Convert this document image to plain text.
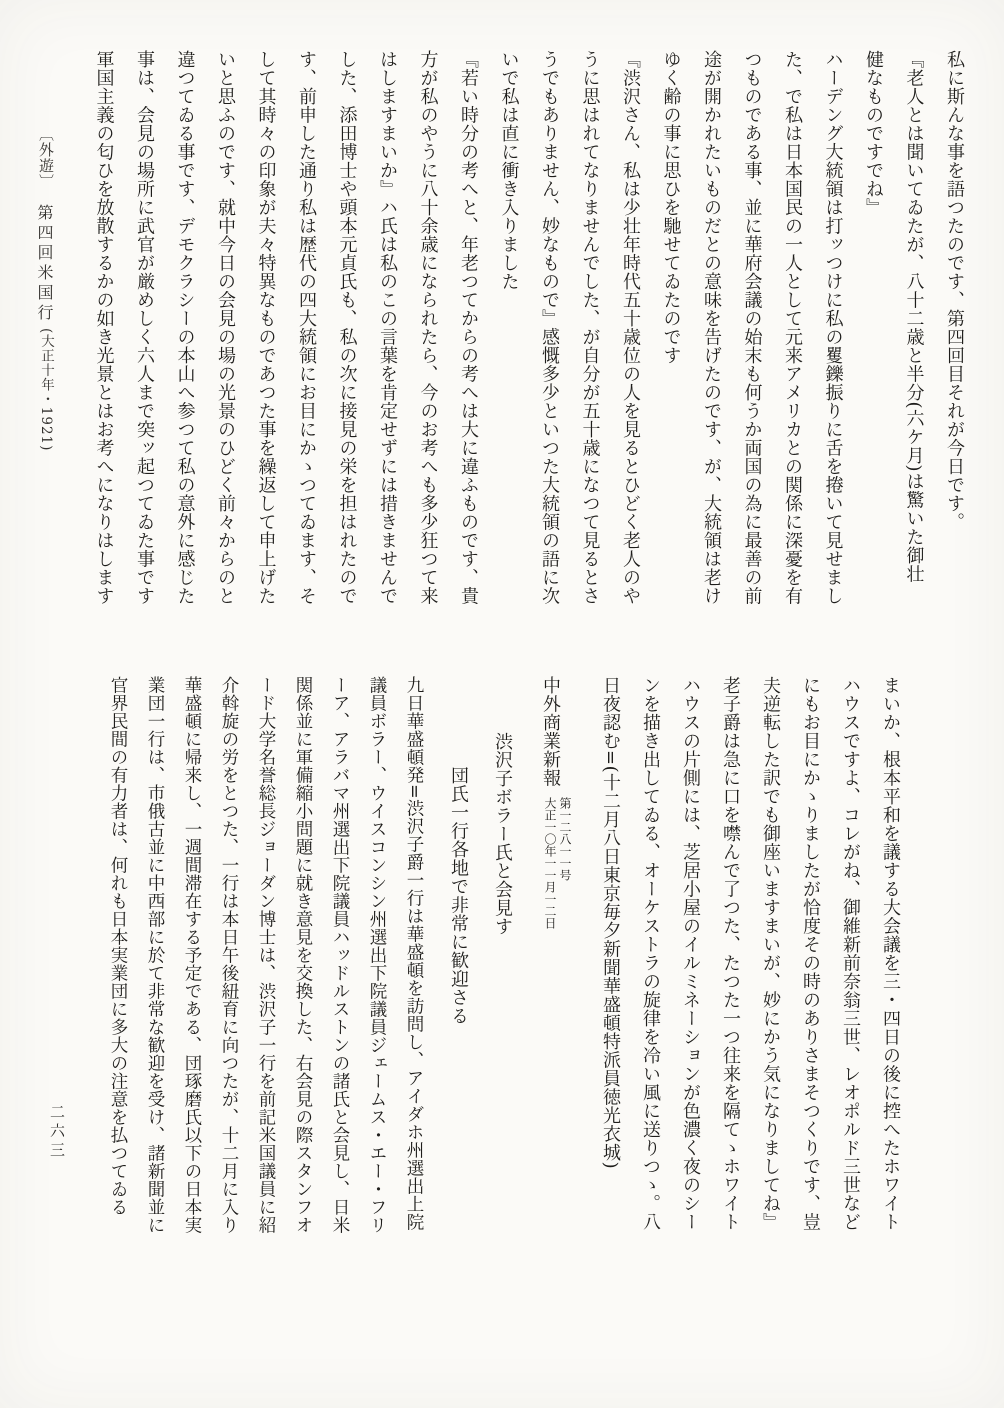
〔外遊〕
第四回米国行
(大正十年・1921)
二六三
私に斯んな事を語つたのです、第四回目それが今日です。
『老人とは聞いてゐたが、八十二歳と半分(六ケ月)は驚いた御壮
健なものですでね』
ハーデング大統領は打ッつけに私の矍鑠振りに舌を捲いて見せまし
た、で私は日本国民の一人として元来アメリカとの関係に深憂を有
つものである事、並に華府会議の始末も何うか両国の為に最善の前
途が開かれたいものだとの意味を告げたのです、が、大統領は老け
ゆく齢の事に思ひを馳せてゐたのです
『渋沢さん、私は少壮年時代五十歳位の人を見るとひどく老人のや
うに思はれてなりませんでした、が自分が五十歳になつて見るとさ
うでもありません、妙なもので』感慨多少といつた大統領の語に次
いで私は直に衝き入りました
『若い時分の考へと、年老つてからの考へは大に違ふものです、貴
方が私のやうに八十余歳になられたら、今のお考へも多少狂つて来
はしますまいか』ハ氏は私のこの言葉を肯定せずには措きませんで
した、添田博士や頭本元貞氏も、私の次に接見の栄を担はれたので
す、前申した通り私は歴代の四大統領にお目にかゝつてゐます、そ
して其時々の印象が夫々特異なものであつた事を繰返して申上げた
いと思ふのです、就中今日の会見の場の光景のひどく前々からのと
違つてゐる事です、デモクラシーの本山へ参つて私の意外に感じた
事は、会見の場所に武官が厳めしく六人まで突ッ起つてゐた事です
軍国主義の匂ひを放散するかの如き光景とはお考へになりはします
まいか、根本平和を議する大会議を三・四日の後に控へたホワイト
ハウスですよ、コレがね、御維新前奈翁三世、レオポルド三世など
にもお目にかゝりましたが恰度その時のありさまそつくりです、豈
夫逆転した訳でも御座いますまいが、妙にかう気になりましてね』
老子爵は急に口を噤んで了つた、たつた一つ往来を隔てゝホワイト
ハウスの片側には、芝居小屋のイルミネーションが色濃く夜のシー
ンを描き出してゐる、オーケストラの旋律を冷い風に送りつゝ。八
日夜認む=(十二月八日東京毎夕新聞華盛頓特派員徳光衣城)
中外商業新報
第一二八一一号
大正一〇年一一月一二日
渋沢子ボラー氏と会見す
団氏一行各地で非常に歓迎さる
九日華盛頓発=渋沢子爵一行は華盛頓を訪問し、アイダホ州選出上院
議員ボラー、ウイスコンシン州選出下院議員ジェームス・エー・フリ
ーア、アラバマ州選出下院議員ハッドルストンの諸氏と会見し、日米
関係並に軍備縮小問題に就き意見を交換した、右会見の際スタンフオ
ード大学名誉総長ジョーダン博士は、渋沢子一行を前記米国議員に紹
介斡旋の労をとつた、一行は本日午後紐育に向つたが、十二月に入り
華盛頓に帰来し、一週間滞在する予定である、団琢磨氏以下の日本実
業団一行は、市俄古並に中西部に於て非常な歓迎を受け、諸新聞並に
官界民間の有力者は、何れも日本実業団に多大の注意を払つてゐる
